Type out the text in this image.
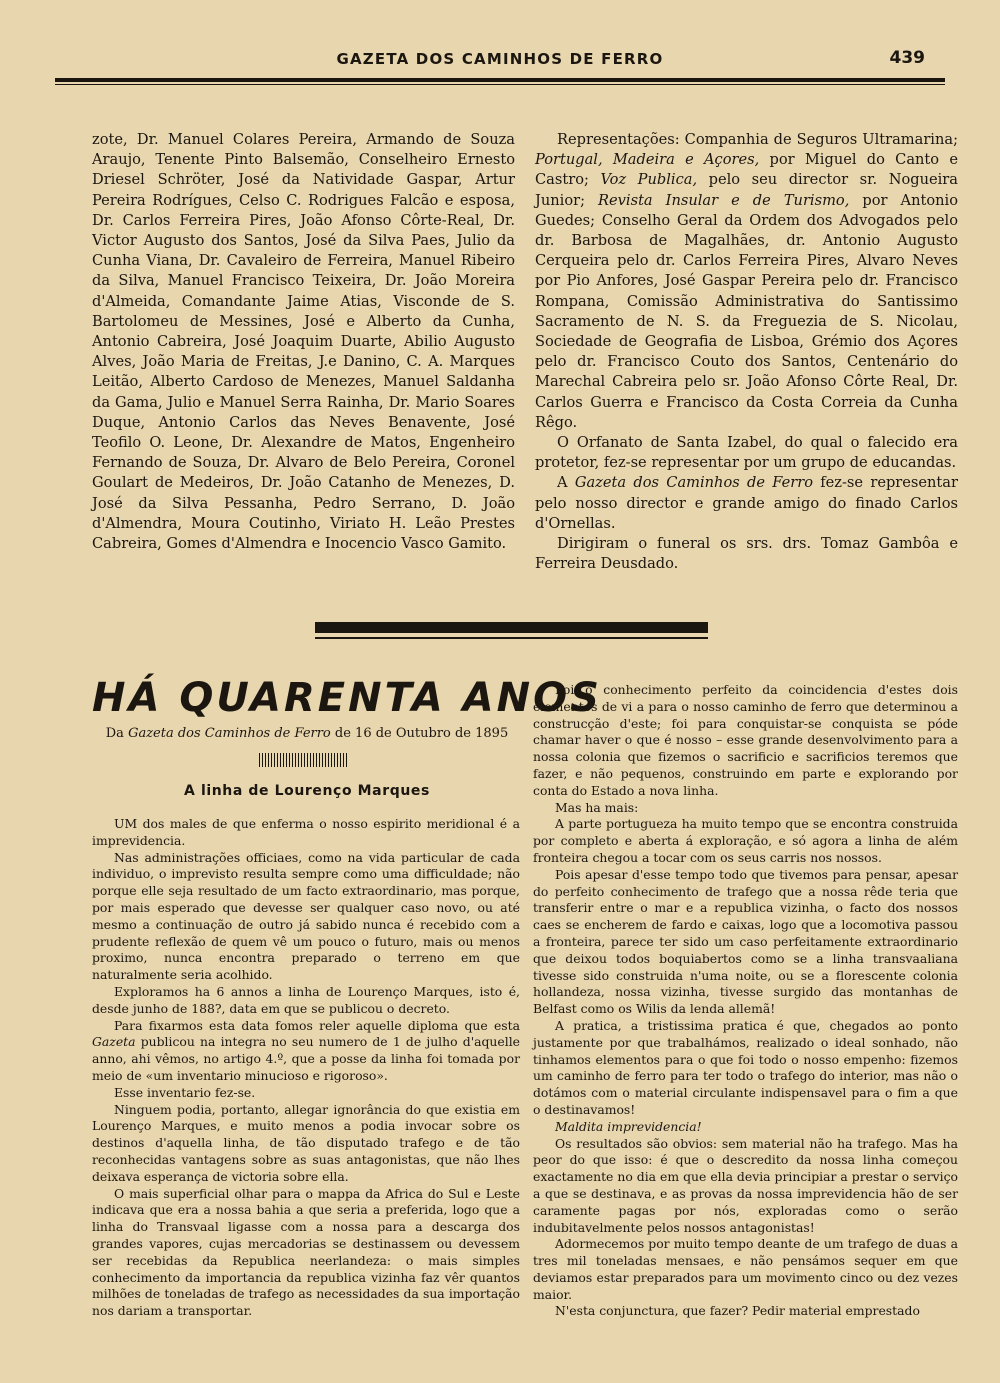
GAZETA DOS CAMINHOS DE FERRO	439

zote, Dr. Manuel Colares Pereira, Armando de Souza Araujo, Tenente Pinto Balsemão, Conselheiro Ernesto Driesel Schröter, José da Natividade Gaspar, Artur Pereira Rodrígues, Celso C. Rodrigues Falcão e esposa, Dr. Carlos Ferreira Pires, João Afonso Côrte-Real, Dr. Victor Augusto dos Santos, José da Silva Paes, Julio da Cunha Viana, Dr. Cavaleiro de Ferreira, Manuel Ribeiro da Silva, Manuel Francisco Teixeira, Dr. João Moreira d'Almeida, Comandante Jaime Atias, Visconde de S. Bartolomeu de Messines, José e Alberto da Cunha, Antonio Cabreira, José Joaquim Duarte, Abilio Augusto Alves, João Maria de Freitas, J.e Danino, C. A. Marques Leitão, Alberto Cardoso de Menezes, Manuel Saldanha da Gama, Julio e Manuel Serra Rainha, Dr. Mario Soares Duque, Antonio Carlos das Neves Benavente, José Teofilo O. Leone, Dr. Alexandre de Matos, Engenheiro Fernando de Souza, Dr. Alvaro de Belo Pereira, Coronel Goulart de Medeiros, Dr. João Catanho de Menezes, D. José da Silva Pessanha, Pedro Serrano, D. João d'Almendra, Moura Coutinho, Viriato H. Leão Prestes Cabreira, Gomes d'Almendra e Inocencio Vasco Gamito.

Representações: Companhia de Seguros Ultramarina; Portugal, Madeira e Açores, por Miguel do Canto e Castro; Voz Publica, pelo seu director sr. Nogueira Junior; Revista Insular e de Turismo, por Antonio Guedes; Conselho Geral da Ordem dos Advogados pelo dr. Barbosa de Magalhães, dr. Antonio Augusto Cerqueira pelo dr. Carlos Ferreira Pires, Alvaro Neves por Pio Anfores, José Gaspar Pereira pelo dr. Francisco Rompana, Comissão Administrativa do Santissimo Sacramento de N. S. da Freguezia de S. Nicolau, Sociedade de Geografia de Lisboa, Grémio dos Açores pelo dr. Francisco Couto dos Santos, Centenário do Marechal Cabreira pelo sr. João Afonso Côrte Real, Dr. Carlos Guerra e Francisco da Costa Correia da Cunha Rêgo.

O Orfanato de Santa Izabel, do qual o falecido era protetor, fez-se representar por um grupo de educandas.

A Gazeta dos Caminhos de Ferro fez-se representar pelo nosso director e grande amigo do finado Carlos d'Ornellas.

Dirigiram o funeral os srs. drs. Tomaz Gambôa e Ferreira Deusdado.

HÁ QUARENTA ANOS
Da Gazeta dos Caminhos de Ferro de 16 de Outubro de 1895
A linha de Lourenço Marques

UM dos males de que enferma o nosso espirito meridional é a imprevidencia.

Nas administrações officiaes, como na vida particular de cada individuo, o imprevisto resulta sempre como uma difficuldade; não porque elle seja resultado de um facto extraordinario, mas porque, por mais esperado que devesse ser qualquer caso novo, ou até mesmo a continuação de outro já sabido nunca é recebido com a prudente reflexão de quem vê um pouco o futuro, mais ou menos proximo, nunca encontra preparado o terreno em que naturalmente seria acolhido.

Exploramos ha 6 annos a linha de Lourenço Marques, isto é, desde junho de 188?, data em que se publicou o decreto.

Para fixarmos esta data fomos reler aquelle diploma que esta Gazeta publicou na integra no seu numero de 1 de julho d'aquelle anno, ahi vêmos, no artigo 4.º, que a posse da linha foi tomada por meio de «um inventario minucioso e rigoroso».

Esse inventario fez-se.

Ninguem podia, portanto, allegar ignorância do que existia em Lourenço Marques, e muito menos a podia invocar sobre os destinos d'aquella linha, de tão disputado trafego e de tão reconhecidas vantagens sobre as suas antagonistas, que não lhes deixava esperança de victoria sobre ella.

O mais superficial olhar para o mappa da Africa do Sul e Leste indicava que era a nossa bahia a que seria a preferida, logo que a linha do Transvaal ligasse com a nossa para a descarga dos grandes vapores, cujas mercadorias se destinassem ou devessem ser recebidas da Republica neerlandeza: o mais simples conhecimento da importancia da republica vizinha faz vêr quantos milhões de toneladas de trafego as necessidades da sua importação nos dariam a transportar.

Foi o conhecimento perfeito da coincidencia d'estes dois elementos de vi a para o nosso caminho de ferro que determinou a construcção d'este; foi para conquistar-se conquista se póde chamar haver o que é nosso – esse grande desenvolvimento para a nossa colonia que fizemos o sacrificio e sacrificios teremos que fazer, e não pequenos, construindo em parte e explorando por conta do Estado a nova linha.

Mas ha mais:

A parte portugueza ha muito tempo que se encontra construida por completo e aberta á exploração, e só agora a linha de além fronteira chegou a tocar com os seus carris nos nossos.

Pois apesar d'esse tempo todo que tivemos para pensar, apesar do perfeito conhecimento de trafego que a nossa rêde teria que transferir entre o mar e a republica vizinha, o facto dos nossos caes se encherem de fardo e caixas, logo que a locomotiva passou a fronteira, parece ter sido um caso perfeitamente extraordinario que deixou todos boquiabertos como se a linha transvaaliana tivesse sido construida n'uma noite, ou se a florescente colonia hollandeza, nossa vizinha, tivesse surgido das montanhas de Belfast como os Wilis da lenda allemã!

A pratica, a tristissima pratica é que, chegados ao ponto justamente por que trabalhámos, realizado o ideal sonhado, não tinhamos elementos para o que foi todo o nosso empenho: fizemos um caminho de ferro para ter todo o trafego do interior, mas não o dotámos com o material circulante indispensavel para o fim a que o destinavamos!

Maldita imprevidencia!

Os resultados são obvios: sem material não ha trafego. Mas ha peor do que isso: é que o descredito da nossa linha começou exactamente no dia em que ella devia principiar a prestar o serviço a que se destinava, e as provas da nossa imprevidencia hão de ser caramente pagas por nós, exploradas como o serão indubitavelmente pelos nossos antagonistas!

Adormecemos por muito tempo deante de um trafego de duas a tres mil toneladas mensaes, e não pensámos sequer em que deviamos estar preparados para um movimento cinco ou dez vezes maior.

N'esta conjunctura, que fazer? Pedir material emprestado
